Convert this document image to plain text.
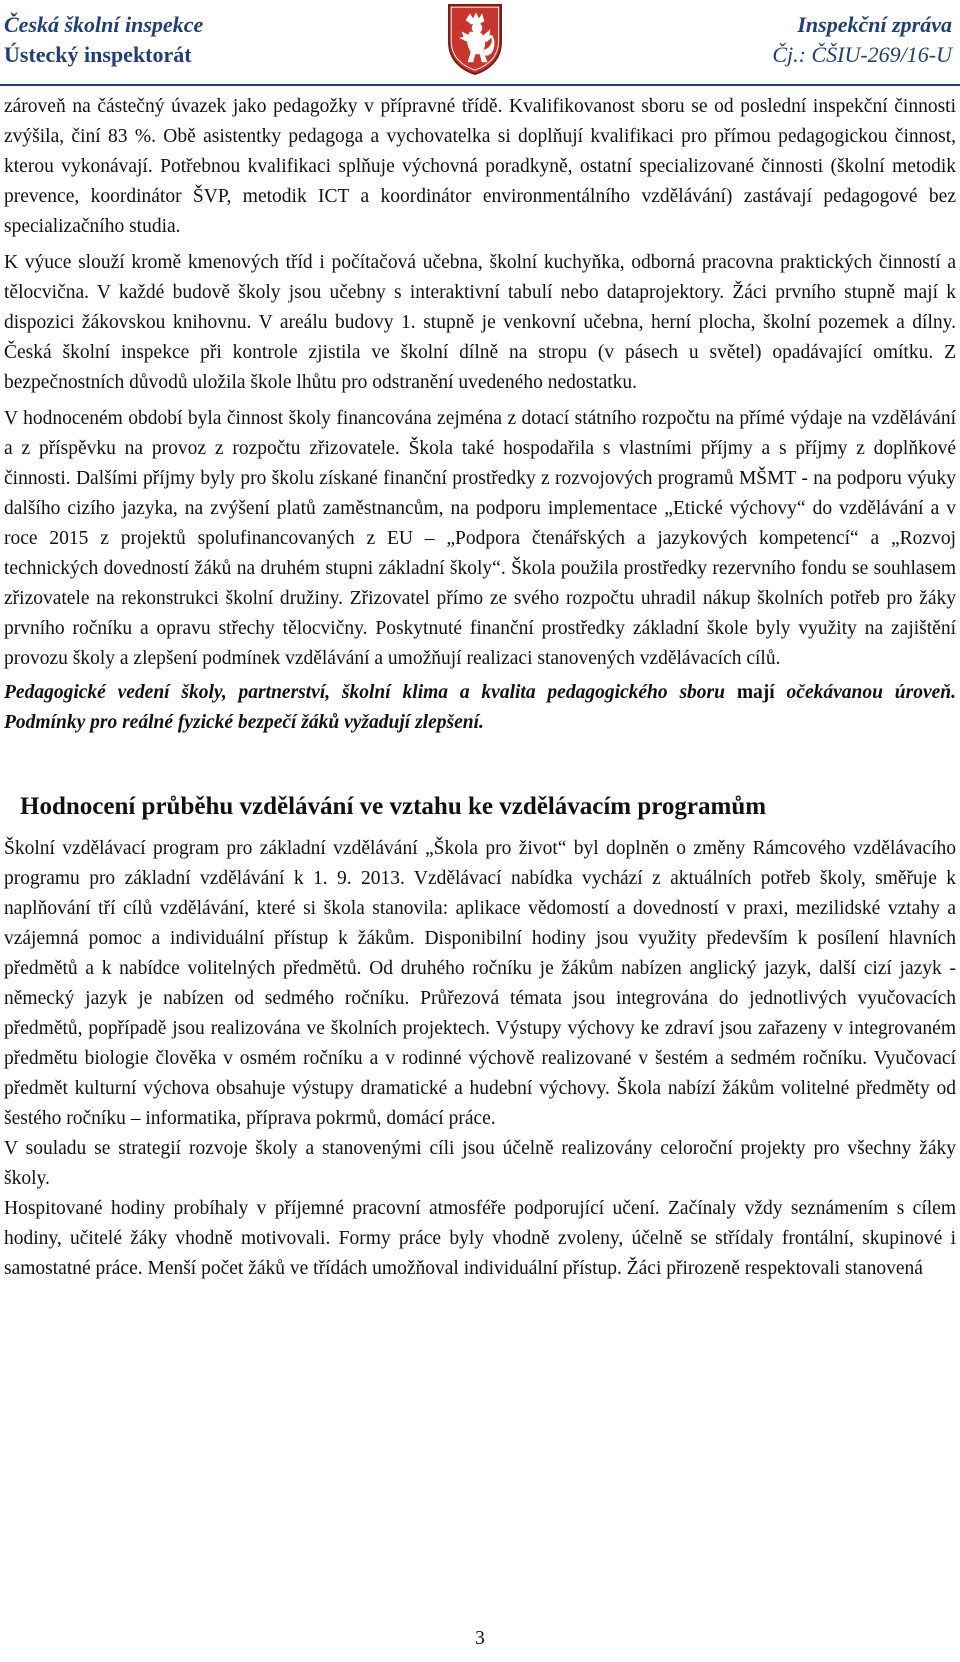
Česká školní inspekce
Ústecký inspektorát
Inspekční zpráva
Čj.: ČŠIU-269/16-U

zároveň na částečný úvazek jako pedagožky v přípravné třídě. Kvalifikovanost sboru se od poslední inspekční činnosti zvýšila, činí 83 %. Obě asistentky pedagoga a vychovatelka si doplňují kvalifikaci pro přímou pedagogickou činnost, kterou vykonávají. Potřebnou kvalifikaci splňuje výchovná poradkyně, ostatní specializované činnosti (školní metodik prevence, koordinátor ŠVP, metodik ICT a koordinátor environmentálního vzdělávání) zastávají pedagogové bez specializačního studia.

K výuce slouží kromě kmenových tříd i počítačová učebna, školní kuchyňka, odborná pracovna praktických činností a tělocvična. V každé budově školy jsou učebny s interaktivní tabulí nebo dataprojektory. Žáci prvního stupně mají k dispozici žákovskou knihovnu. V areálu budovy 1. stupně je venkovní učebna, herní plocha, školní pozemek a dílny. Česká školní inspekce při kontrole zjistila ve školní dílně na stropu (v pásech u světel) opadávající omítku. Z bezpečnostních důvodů uložila škole lhůtu pro odstranění uvedeného nedostatku.

V hodnoceném období byla činnost školy financována zejména z dotací státního rozpočtu na přímé výdaje na vzdělávání a z příspěvku na provoz z rozpočtu zřizovatele. Škola také hospodařila s vlastními příjmy a s příjmy z doplňkové činnosti. Dalšími příjmy byly pro školu získané finanční prostředky z rozvojových programů MŠMT - na podporu výuky dalšího cizího jazyka, na zvýšení platů zaměstnancům, na podporu implementace „Etické výchovy“ do vzdělávání a v roce 2015 z projektů spolufinancovaných z EU – „Podpora čtenářských a jazykových kompetencí“ a „Rozvoj technických dovedností žáků na druhém stupni základní školy“. Škola použila prostředky rezervního fondu se souhlasem zřizovatele na rekonstrukci školní družiny. Zřizovatel přímo ze svého rozpočtu uhradil nákup školních potřeb pro žáky prvního ročníku a opravu střechy tělocvičny. Poskytnuté finanční prostředky základní škole byly využity na zajištění provozu školy a zlepšení podmínek vzdělávání a umožňují realizaci stanovených vzdělávacích cílů.

Pedagogické vedení školy, partnerství, školní klima a kvalita pedagogického sboru mají očekávanou úroveň. Podmínky pro reálné fyzické bezpečí žáků vyžadují zlepšení.

Hodnocení průběhu vzdělávání ve vztahu ke vzdělávacím programům

Školní vzdělávací program pro základní vzdělávání „Škola pro život“ byl doplněn o změny Rámcového vzdělávacího programu pro základní vzdělávání k 1. 9. 2013. Vzdělávací nabídka vychází z aktuálních potřeb školy, směřuje k naplňování tří cílů vzdělávání, které si škola stanovila: aplikace vědomostí a dovedností v praxi, mezilidské vztahy a vzájemná pomoc a individuální přístup k žákům. Disponibilní hodiny jsou využity především k posílení hlavních předmětů a k nabídce volitelných předmětů. Od druhého ročníku je žákům nabízen anglický jazyk, další cizí jazyk - německý jazyk je nabízen od sedmého ročníku. Průřezová témata jsou integrována do jednotlivých vyučovacích předmětů, popřípadě jsou realizována ve školních projektech. Výstupy výchovy ke zdraví jsou zařazeny v integrovaném předmětu biologie člověka v osmém ročníku a v rodinné výchově realizované v šestém a sedmém ročníku. Vyučovací předmět kulturní výchova obsahuje výstupy dramatické a hudební výchovy. Škola nabízí žákům volitelné předměty od šestého ročníku – informatika, příprava pokrmů, domácí práce.

V souladu se strategií rozvoje školy a stanovenými cíli jsou účelně realizovány celoroční projekty pro všechny žáky školy.

Hospitované hodiny probíhaly v příjemné pracovní atmosféře podporující učení. Začínaly vždy seznámením s cílem hodiny, učitelé žáky vhodně motivovali. Formy práce byly vhodně zvoleny, účelně se střídaly frontální, skupinové i samostatné práce. Menší počet žáků ve třídách umožňoval individuální přístup. Žáci přirozeně respektovali stanovená

3
